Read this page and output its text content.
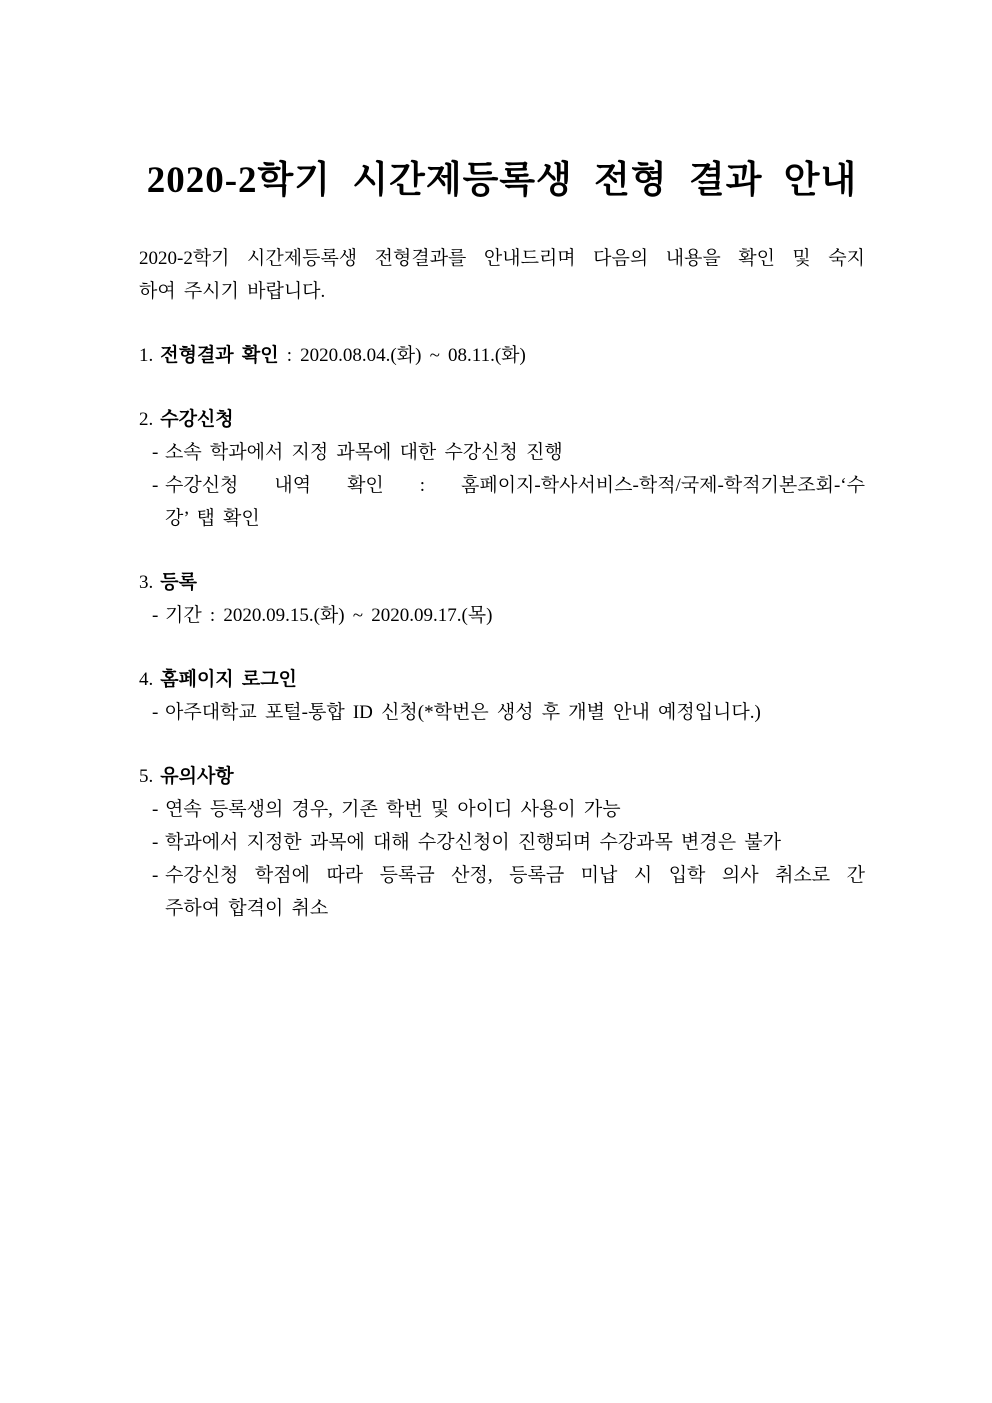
2020-2학기 시간제등록생 전형 결과 안내
2020-2학기 시간제등록생 전형결과를 안내드리며 다음의 내용을 확인 및 숙지
하여 주시기 바랍니다.

1. 전형결과 확인 : 2020.08.04.(화) ~ 08.11.(화)

2. 수강신청

- 소속 학과에서 지정 과목에 대한 수강신청 진행
- 수강신청 내역 확인 : 홈페이지-학사서비스-학적/국제-학적기본조회-‘수
강’ 탭 확인

3. 등록

- 기간 : 2020.09.15.(화) ~ 2020.09.17.(목)

4. 홈페이지 로그인

- 아주대학교 포털-통합 ID 신청(*학번은 생성 후 개별 안내 예정입니다.)

5. 유의사항

- 연속 등록생의 경우, 기존 학번 및 아이디 사용이 가능
- 학과에서 지정한 과목에 대해 수강신청이 진행되며 수강과목 변경은 불가
- 수강신청 학점에 따라 등록금 산정, 등록금 미납 시 입학 의사 취소로 간
주하여 합격이 취소
